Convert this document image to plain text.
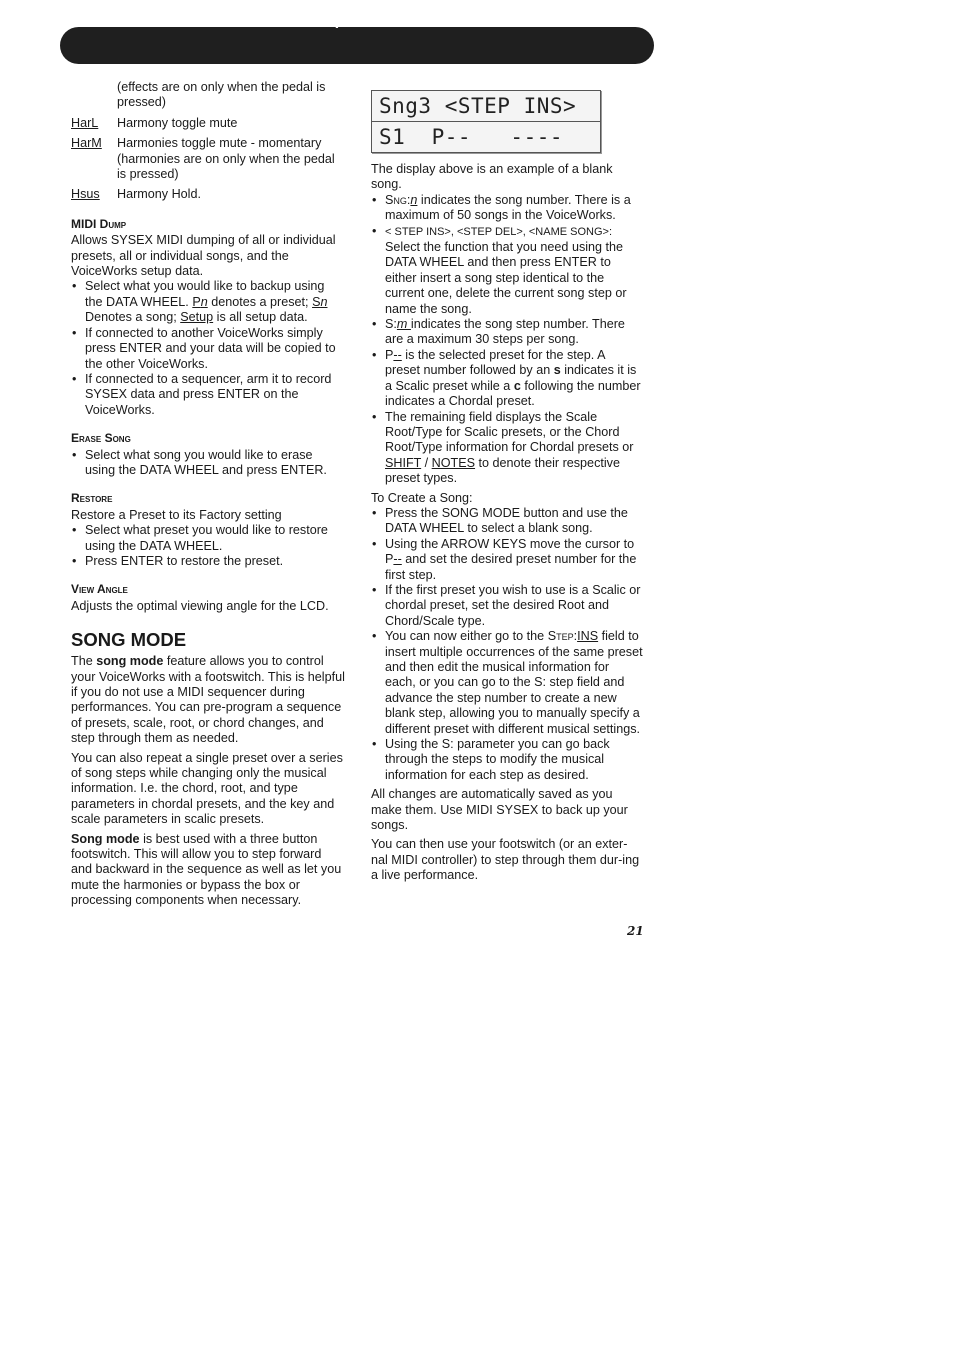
SETUP PARAMETERS / SONG MODE
(effects are on only when the pedal is pressed)
HarL	Harmony toggle mute
HarM	Harmonies toggle mute - momentary (harmonies are on only when the pedal is pressed)
Hsus	Harmony Hold.
MIDI Dump

Allows SYSEX MIDI dumping of all or individual presets, all or individual songs, and the VoiceWorks setup data.

• Select what you would like to backup using the DATA WHEEL. Pn denotes a preset; Sn Denotes a song; Setup is all setup data.
• If connected to another VoiceWorks simply press ENTER and your data will be copied to the other VoiceWorks.
• If connected to a sequencer, arm it to record SYSEX data and press ENTER on the VoiceWorks.
Erase Song
• Select what song you would like to erase using the DATA WHEEL and press ENTER.
Restore

Restore a Preset to its Factory setting

• Select what preset you would like to restore using the DATA WHEEL.
• Press ENTER to restore the preset.
View Angle

Adjusts the optimal viewing angle for the LCD.

SONG MODE

The song mode feature allows you to control your VoiceWorks with a footswitch. This is helpful if you do not use a MIDI sequencer during performances. You can pre-program a sequence of presets, scale, root, or chord changes, and step through them as needed.

You can also repeat a single preset over a series of song steps while changing only the musical information. I.e. the chord, root, and type parameters in chordal presets, and the key and scale parameters in scalic presets.

Song mode is best used with a three button footswitch. This will allow you to step forward and backward in the sequence as well as let you mute the harmonies or bypass the box or processing components when necessary.

Sng3 <STEP INS>
S1  P--   ----

The display above is an example of a blank song.

• Sng:n indicates the song number. There is a maximum of 50 songs in the VoiceWorks.
• < STEP INS>, <STEP DEL>, <NAME SONG>: Select the function that you need using the DATA WHEEL and then press ENTER to either insert a song step identical to the current one, delete the current song step or name the song.
• S:m indicates the song step number. There are a maximum 30 steps per song.
• P-- is the selected preset for the step. A preset number followed by an s indicates it is a Scalic preset while a c following the number indicates a Chordal preset.
• The remaining field displays the Scale Root/Type for Scalic presets, or the Chord Root/Type information for Chordal presets or SHIFT / NOTES to denote their respective preset types.

To Create a Song:

• Press the SONG MODE button and use the DATA WHEEL to select a blank song.
• Using the ARROW KEYS move the cursor to P-- and set the desired preset number for the first step.
• If the first preset you wish to use is a Scalic or chordal preset, set the desired Root and Chord/Scale type.
• You can now either go to the Step:INS field to insert multiple occurrences of the same preset and then edit the musical information for each, or you can go to the S: step field and advance the step number to create a new blank step, allowing you to manually specify a different preset with different musical settings.
• Using the S: parameter you can go back through the steps to modify the musical information for each step as desired.

All changes are automatically saved as you make them. Use MIDI SYSEX to back up your songs.

You can then use your footswitch (or an exter-nal MIDI controller) to step through them dur-ing a live performance.

21
